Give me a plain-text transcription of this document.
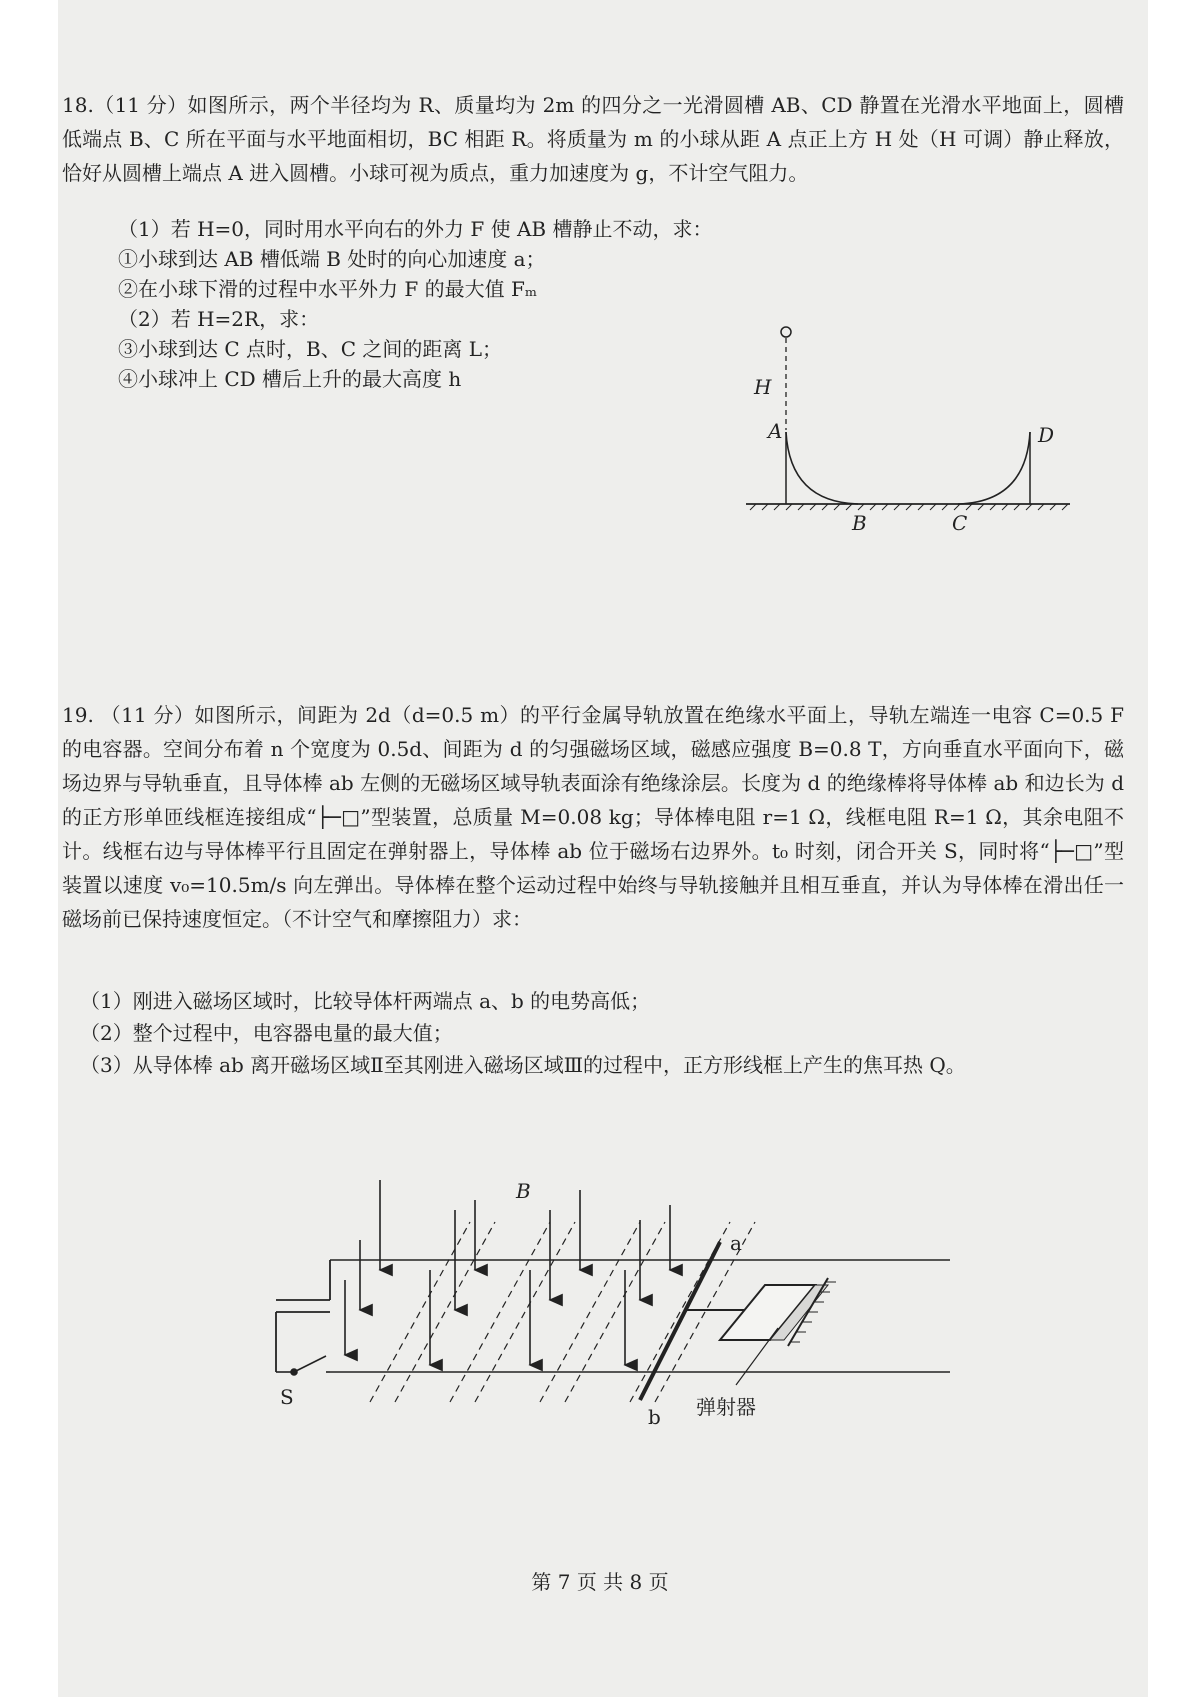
18.（11 分）如图所示，两个半径均为 R、质量均为 2m 的四分之一光滑圆槽 AB、CD 静置在光滑水平地面上，圆槽低端点 B、C 所在平面与水平地面相切，BC 相距 R。将质量为 m 的小球从距 A 点正上方 H 处（H 可调）静止释放，恰好从圆槽上端点 A 进入圆槽。小球可视为质点，重力加速度为 g，不计空气阻力。
（1）若 H=0，同时用水平向右的外力 F 使 AB 槽静止不动，求：
①小球到达 AB 槽低端 B 处时的向心加速度 a；
②在小球下滑的过程中水平外力 F 的最大值 Fₘ
（2）若 H=2R，求：
③小球到达 C 点时，B、C 之间的距离 L；
④小球冲上 CD 槽后上升的最大高度 h	H
A	D
B	C
19. （11 分）如图所示，间距为 2d（d=0.5 m）的平行金属导轨放置在绝缘水平面上，导轨左端连一电容 C=0.5 F 的电容器。空间分布着 n 个宽度为 0.5d、间距为 d 的匀强磁场区域，磁感应强度 B=0.8 T，方向垂直水平面向下，磁场边界与导轨垂直，且导体棒 ab 左侧的无磁场区域导轨表面涂有绝缘涂层。长度为 d 的绝缘棒将导体棒 ab 和边长为 d 的正方形单匝线框连接组成“├─□”型装置，总质量 M=0.08 kg；导体棒电阻 r=1 Ω，线框电阻 R=1 Ω，其余电阻不计。线框右边与导体棒平行且固定在弹射器上，导体棒 ab 位于磁场右边界外。t₀ 时刻，闭合开关 S，同时将“├─□”型装置以速度 v₀=10.5m/s 向左弹出。导体棒在整个运动过程中始终与导轨接触并且相互垂直，并认为导体棒在滑出任一磁场前已保持速度恒定。（不计空气和摩擦阻力）求：
（1）刚进入磁场区域时，比较导体杆两端点 a、b 的电势高低；
（2）整个过程中，电容器电量的最大值；
（3）从导体棒 ab 离开磁场区域Ⅱ至其刚进入磁场区域Ⅲ的过程中，正方形线框上产生的焦耳热 Q。
S
B
a
b 弹射器
第 7 页 共 8 页
